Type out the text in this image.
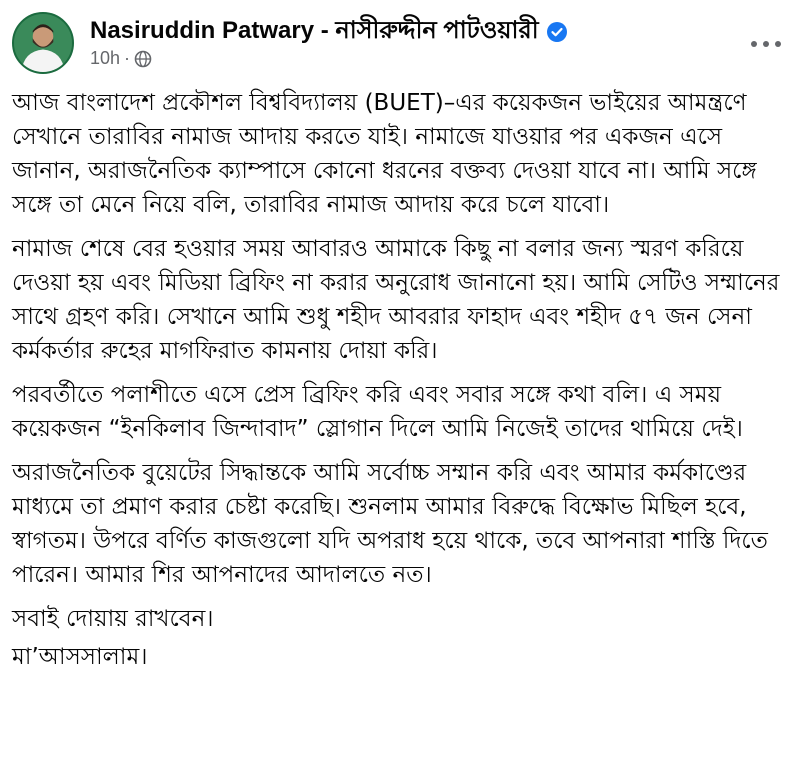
Nasiruddin Patwary - নাসীরুদ্দীন পাটওয়ারী
10h ·

আজ বাংলাদেশ প্রকৌশল বিশ্ববিদ্যালয় (BUET)–এর কয়েকজন ভাইয়ের আমন্ত্রণে সেখানে তারাবির নামাজ আদায় করতে যাই। নামাজে যাওয়ার পর একজন এসে জানান, অরাজনৈতিক ক্যাম্পাসে কোনো ধরনের বক্তব্য দেওয়া যাবে না। আমি সঙ্গে সঙ্গে তা মেনে নিয়ে বলি, তারাবির নামাজ আদায় করে চলে যাবো।

নামাজ শেষে বের হওয়ার সময় আবারও আমাকে কিছু না বলার জন্য স্মরণ করিয়ে দেওয়া হয় এবং মিডিয়া ব্রিফিং না করার অনুরোধ জানানো হয়। আমি সেটিও সম্মানের সাথে গ্রহণ করি। সেখানে আমি শুধু শহীদ আবরার ফাহাদ এবং শহীদ ৫৭ জন সেনা কর্মকর্তার রুহের মাগফিরাত কামনায় দোয়া করি।

পরবর্তীতে পলাশীতে এসে প্রেস ব্রিফিং করি এবং সবার সঙ্গে কথা বলি। এ সময় কয়েকজন “ইনকিলাব জিন্দাবাদ” স্লোগান দিলে আমি নিজেই তাদের থামিয়ে দেই।

অরাজনৈতিক বুয়েটের সিদ্ধান্তকে আমি সর্বোচ্চ সম্মান করি এবং আমার কর্মকাণ্ডের মাধ্যমে তা প্রমাণ করার চেষ্টা করেছি। শুনলাম আমার বিরুদ্ধে বিক্ষোভ মিছিল হবে, স্বাগতম। উপরে বর্ণিত কাজগুলো যদি অপরাধ হয়ে থাকে, তবে আপনারা শাস্তি দিতে পারেন। আমার শির আপনাদের আদালতে নত।

সবাই দোয়ায় রাখবেন।

মা’আসসালাম।
